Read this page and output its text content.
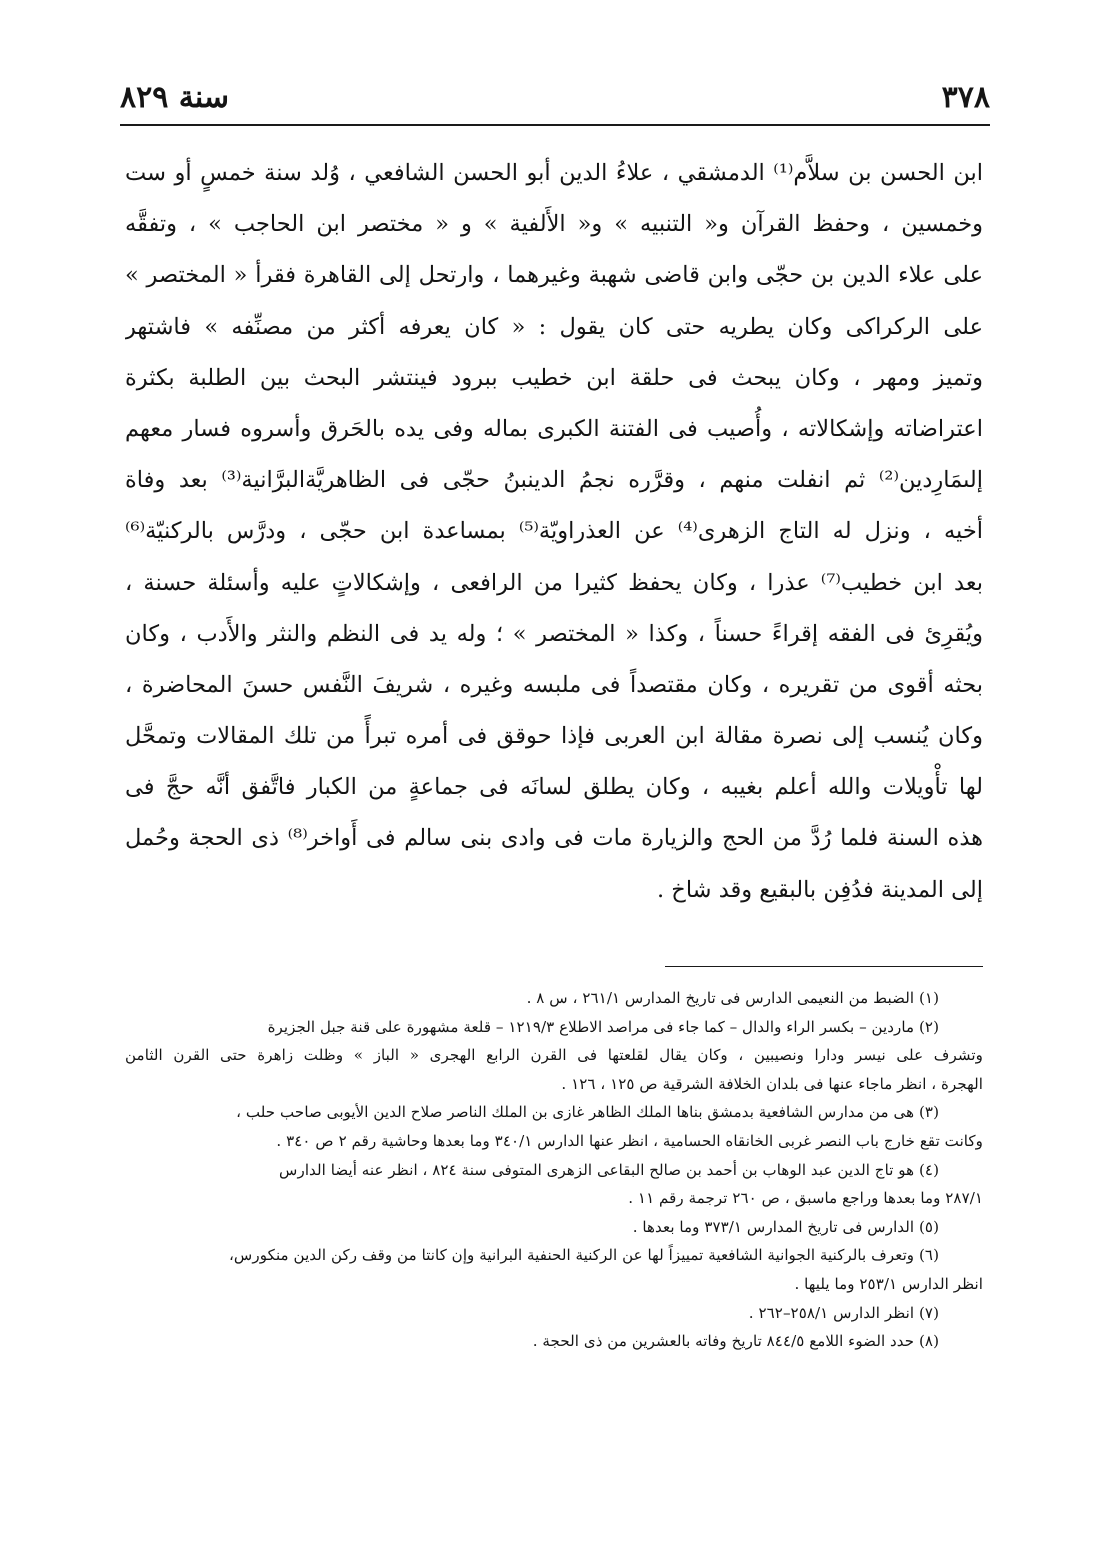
٣٧٨
سنة ٨٢٩
ابن الحسن بن سلاَّم⁽¹⁾ الدمشقي ، علاءُ الدين أبو الحسن الشافعي ، وُلد سنة خمسٍ أو ست
وخمسين ، وحفظ القرآن و« التنبيه » و« الأَلفية » و « مختصر ابن الحاجب » ، وتفقَّه
على علاء الدين بن حجّى وابن قاضى شهبة وغيرهما ، وارتحل إلى القاهرة فقرأ « المختصر »
على الركراكى وكان يطريه حتى كان يقول : « كان يعرفه أكثر من مصنِّفه » فاشتهر
وتميز ومهر ، وكان يبحث فى حلقة ابن خطيب ببرود فينتشر البحث بين الطلبة بكثرة
اعتراضاته وإشكالاته ، وأُصيب فى الفتنة الكبرى بماله وفى يده بالحَرق وأسروه فسار معهم
إلىمَارِدين⁽²⁾ ثم انفلت منهم ، وقرَّره نجمُ الدينبنُ حجّى فى الظاهريَّةالبرَّانية⁽³⁾ بعد وفاة
أخيه ، ونزل له التاج الزهرى⁽⁴⁾ عن العذراويّة⁽⁵⁾ بمساعدة ابن حجّى ، ودرَّس بالركنيّة⁽⁶⁾
بعد ابن خطيب⁽⁷⁾ عذرا ، وكان يحفظ كثيرا من الرافعى ، وإشكالاتٍ عليه وأسئلة حسنة ،
ويُقرِئ فى الفقه إقراءً حسناً ، وكذا « المختصر » ؛ وله يد فى النظم والنثر والأَدب ، وكان
بحثه أقوى من تقريره ، وكان مقتصداً فى ملبسه وغيره ، شريفَ النَّفس حسنَ المحاضرة ،
وكان يُنسب إلى نصرة مقالة ابن العربى فإذا حوقق فى أمره تبرأً من تلك المقالات وتمحَّل
لها تأْويلات والله أعلم بغيبه ، وكان يطلق لسانَه فى جماعةٍ من الكبار فاتَّفق أنَّه حجَّ فى
هذه السنة فلما رُدَّ من الحج والزيارة مات فى وادى بنى سالم فى أَواخر⁽⁸⁾ ذى الحجة وحُمل
إلى المدينة فدُفِن بالبقيع وقد شاخ .
(١) الضبط من النعيمى الدارس فى تاريخ المدارس ٢٦١/١ ، س ٨ .
(٢) ماردين – بكسر الراء والدال – كما جاء فى مراصد الاطلاع ١٢١٩/٣ – قلعة مشهورة على قنة جبل الجزيرة
وتشرف على نيسر ودارا ونصيبين ، وكان يقال لقلعتها فى القرن الرابع الهجرى « الباز » وظلت زاهرة حتى القرن الثامن
الهجرة ، انظر ماجاء عنها فى بلدان الخلافة الشرقية ص ١٢٥ ، ١٢٦ .
(٣) هى من مدارس الشافعية بدمشق بناها الملك الظاهر غازى بن الملك الناصر صلاح الدين الأيوبى صاحب حلب ،
وكانت تقع خارج باب النصر غربى الخانقاه الحسامية ، انظر عنها الدارس ٣٤٠/١ وما بعدها وحاشية رقم ٢ ص ٣٤٠ .
(٤) هو تاج الدين عبد الوهاب بن أحمد بن صالح البقاعى الزهرى المتوفى سنة ٨٢٤ ، انظر عنه أيضا الدارس
٢٨٧/١ وما بعدها وراجع ماسبق ، ص ٢٦٠ ترجمة رقم ١١ .
(٥) الدارس فى تاريخ المدارس ٣٧٣/١ وما بعدها .
(٦) وتعرف بالركنية الجوانية الشافعية تمييزاً لها عن الركنية الحنفية البرانية وإن كانتا من وقف ركن الدين منكورس،
انظر الدارس ٢٥٣/١ وما يليها .
(٧) انظر الدارس ٢٥٨/١–٢٦٢ .
(٨) حدد الضوء اللامع ٨٤٤/٥ تاريخ وفاته بالعشرين من ذى الحجة .
